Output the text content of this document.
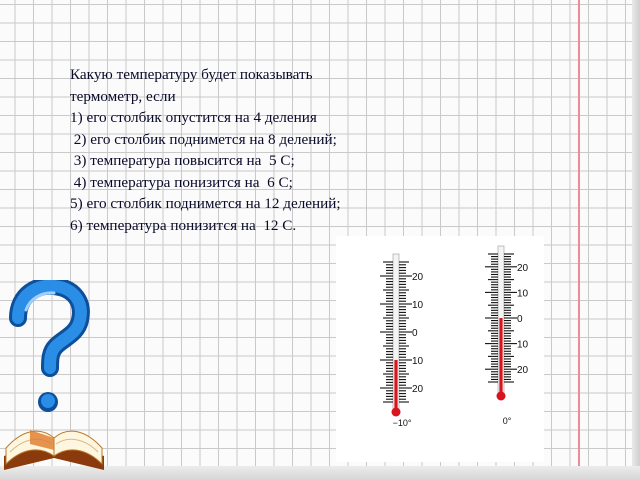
Какую температуру будет показывать
термометр, если
1) его столбик опустится на 4 деления
2) его столбик поднимется на 8 делений;
3) температура повысится на  5 С;
4) температура понизится на  6 С;
5) его столбик поднимется на 12 делений;
6) температура понизится на  12 С.
20
10
0
10
20
−10°
20
10
0
10
20
0°
